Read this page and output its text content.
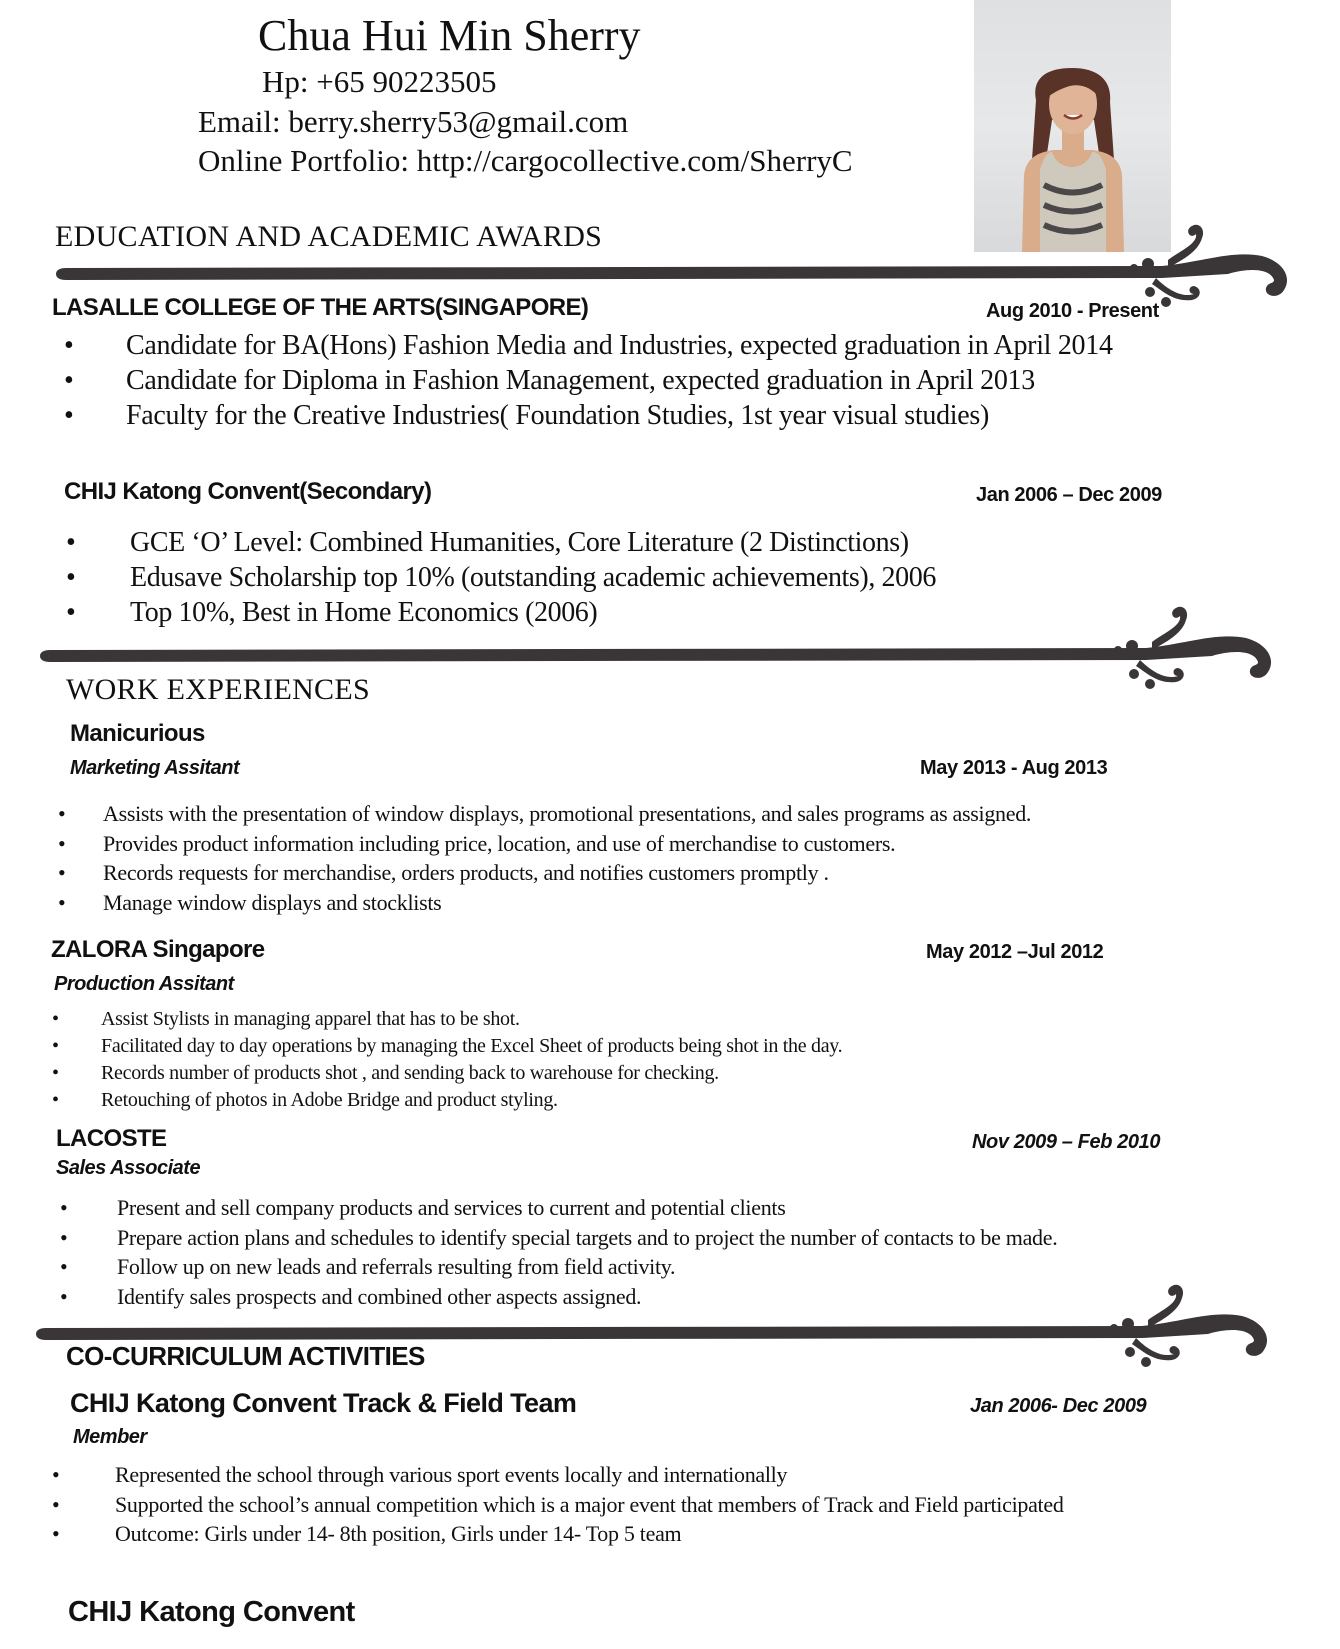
Chua Hui Min Sherry
Hp: +65 90223505
Email: berry.sherry53@gmail.com
Online Portfolio: http://cargocollective.com/SherryC
EDUCATION AND ACADEMIC AWARDS
LASALLE COLLEGE OF THE ARTS(SINGAPORE)	Aug 2010 - Present
• Candidate for BA(Hons) Fashion Media and Industries, expected graduation in April 2014
• Candidate for Diploma in Fashion Management, expected graduation in April 2013
• Faculty for the Creative Industries( Foundation Studies, 1st year visual studies)
CHIJ Katong Convent(Secondary)	Jan 2006 – Dec 2009
• GCE ‘O’ Level: Combined Humanities, Core Literature (2 Distinctions)
• Edusave Scholarship top 10% (outstanding academic achievements), 2006
• Top 10%, Best in Home Economics (2006)
WORK EXPERIENCES
Manicurious
Marketing Assitant	May 2013 - Aug 2013
• Assists with the presentation of window displays, promotional presentations, and sales programs as assigned.
• Provides product information including price, location, and use of merchandise to customers.
• Records requests for merchandise, orders products, and notifies customers promptly .
• Manage window displays and stocklists
ZALORA Singapore
Production Assitant
May 2012 –Jul 2012
• Assist Stylists in managing apparel that has to be shot.
• Facilitated day to day operations by managing the Excel Sheet of products being shot in the day.
• Records number of products shot , and sending back to warehouse for checking.
• Retouching of photos in Adobe Bridge and product styling.
LACOSTE
Sales Associate
Nov 2009 – Feb 2010
• Present and sell company products and services to current and potential clients
• Prepare action plans and schedules to identify special targets and to project the number of contacts to be made.
• Follow up on new leads and referrals resulting from field activity.
• Identify sales prospects and combined other aspects assigned.
CO-CURRICULUM ACTIVITIES
CHIJ Katong Convent Track & Field Team
Member
Jan 2006- Dec 2009
•	Represented the school through various sport events locally and internationally
•	Supported the school’s annual competition which is a major event that members of Track and Field participated
•	Outcome: Girls under 14- 8th position, Girls under 14- Top 5 team
CHIJ Katong Convent
